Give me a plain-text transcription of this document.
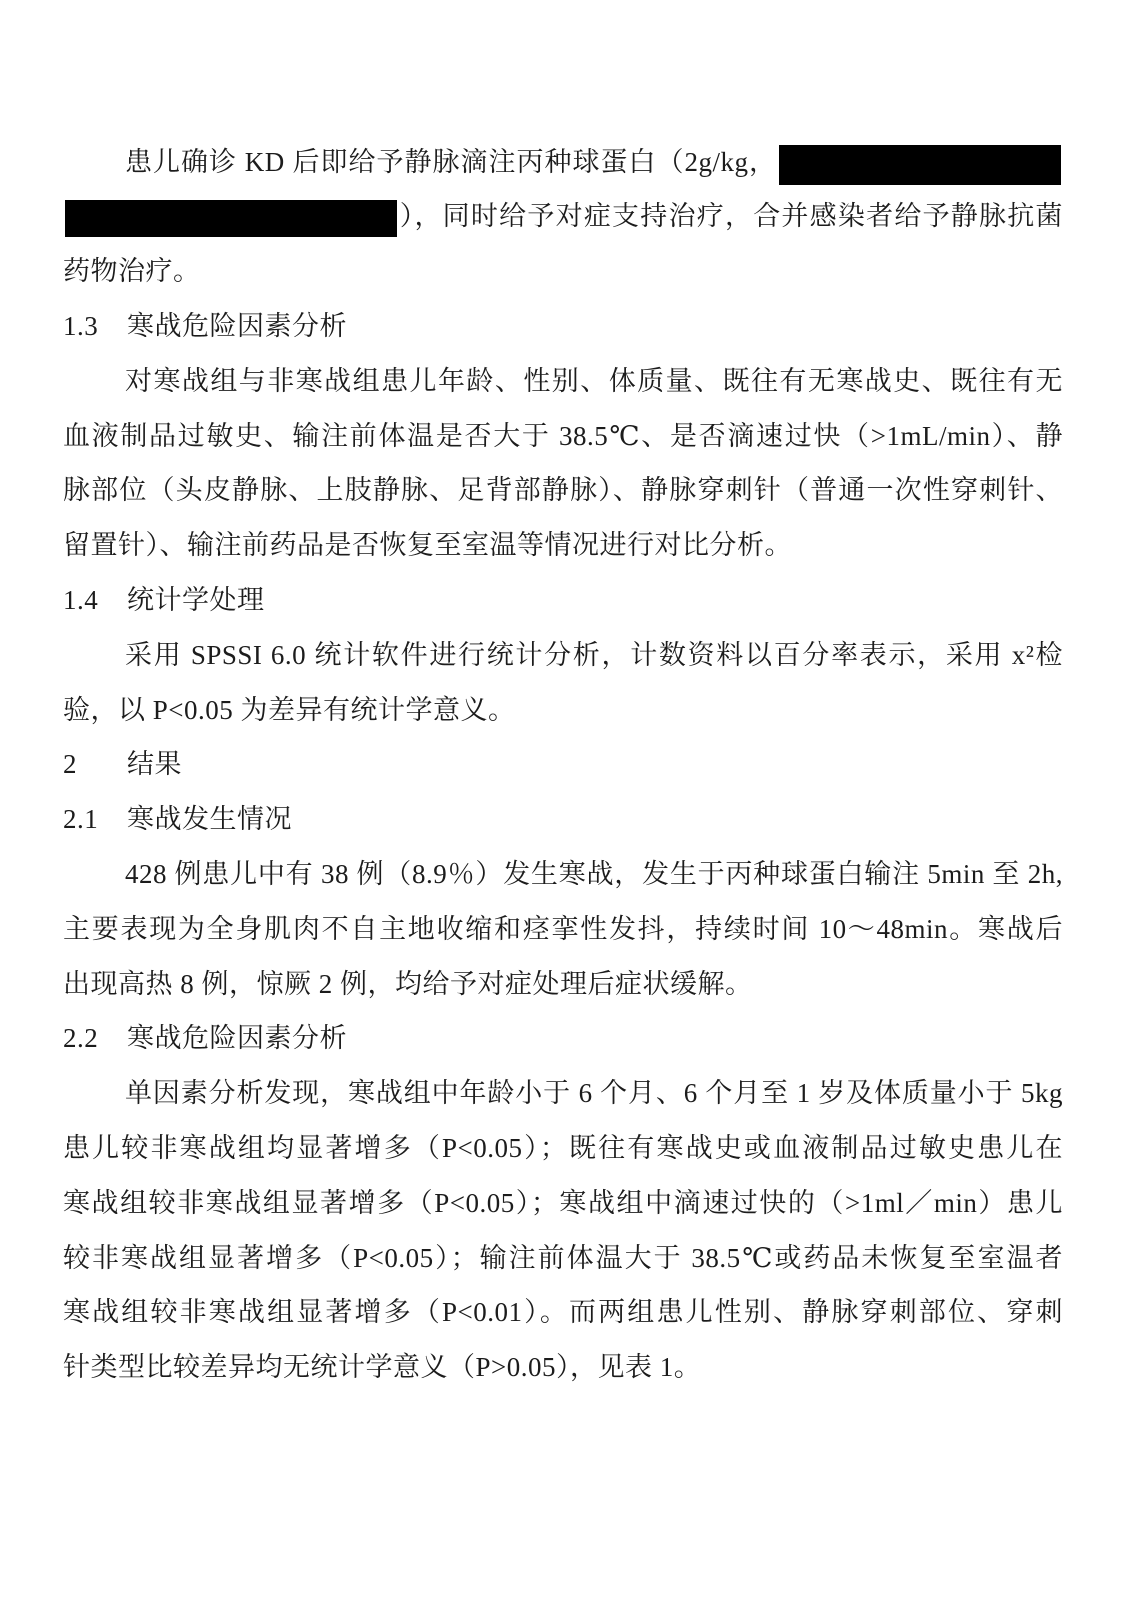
患儿确诊 KD 后即给予静脉滴注丙种球蛋白（2g/kg，
），同时给予对症支持治疗，合并感染者给予静脉抗菌
药物治疗。
1.3 寒战危险因素分析
对寒战组与非寒战组患儿年龄、性别、体质量、既往有无寒战史、既往有无
血液制品过敏史、输注前体温是否大于 38.5℃、是否滴速过快（>1mL/min）、静
脉部位（头皮静脉、上肢静脉、足背部静脉）、静脉穿刺针（普通一次性穿刺针、
留置针）、输注前药品是否恢复至室温等情况进行对比分析。
1.4 统计学处理
采用 SPSSI 6.0 统计软件进行统计分析，计数资料以百分率表示，采用 x²检
验，以 P<0.05 为差异有统计学意义。
2 结果
2.1 寒战发生情况
428 例患儿中有 38 例（8.9％）发生寒战，发生于丙种球蛋白输注 5min 至 2h,
主要表现为全身肌肉不自主地收缩和痉挛性发抖，持续时间 10～48min。寒战后
出现高热 8 例，惊厥 2 例，均给予对症处理后症状缓解。
2.2 寒战危险因素分析
单因素分析发现，寒战组中年龄小于 6 个月、6 个月至 1 岁及体质量小于 5kg
患儿较非寒战组均显著增多（P<0.05）；既往有寒战史或血液制品过敏史患儿在
寒战组较非寒战组显著增多（P<0.05）；寒战组中滴速过快的（>1ml／min）患儿
较非寒战组显著增多（P<0.05）；输注前体温大于 38.5℃或药品未恢复至室温者
寒战组较非寒战组显著增多（P<0.01）。而两组患儿性别、静脉穿刺部位、穿刺
针类型比较差异均无统计学意义（P>0.05），见表 1。
